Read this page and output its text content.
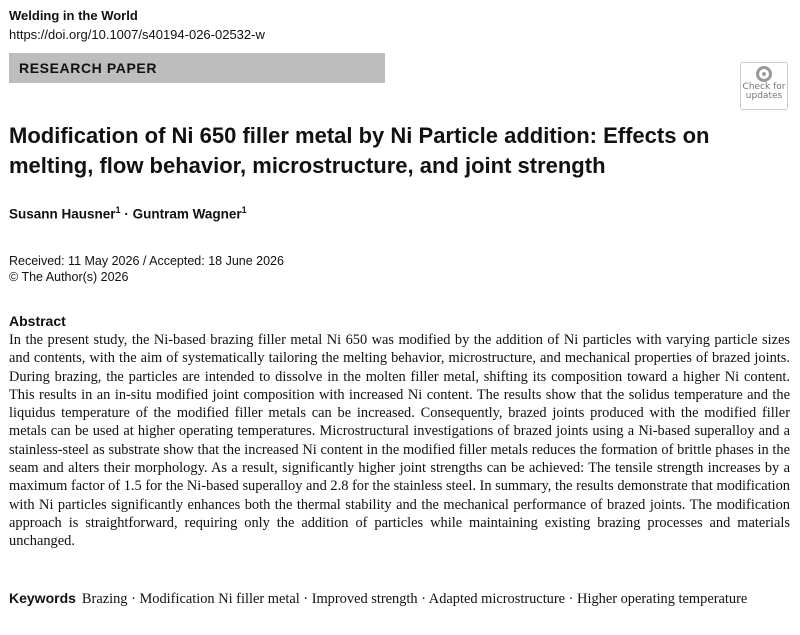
Welding in the World
https://doi.org/10.1007/s40194-026-02532-w
RESEARCH PAPER
Check for
updates
Modification of Ni 650 filler metal by Ni Particle addition: Effects on melting, flow behavior, microstructure, and joint strength
Susann Hausner$^1$ · Guntram Wagner$^1$
Received: 11 May 2026 / Accepted: 18 June 2026
© The Author(s) 2026
Abstract

In the present study, the Ni-based brazing filler metal Ni 650 was modified by the addition of Ni particles with varying particle sizes and contents, with the aim of systematically tailoring the melting behavior, microstructure, and mechanical properties of brazed joints. During brazing, the particles are intended to dissolve in the molten filler metal, shifting its composition toward a higher Ni content. This results in an in-situ modified joint composition with increased Ni content. The results show that the solidus temperature and the liquidus temperature of the modified filler metals can be increased. Consequently, brazed joints produced with the modified filler metals can be used at higher operating temperatures. Microstructural investigations of brazed joints using a Ni-based superalloy and a stainless-steel as substrate show that the increased Ni content in the modified filler metals reduces the formation of brittle phases in the seam and alters their morphology. As a result, significantly higher joint strengths can be achieved: The tensile strength increases by a maximum factor of 1.5 for the Ni-based superalloy and 2.8 for the stainless steel. In summary, the results demonstrate that modification with Ni particles significantly enhances both the thermal stability and the mechanical performance of brazed joints. The modification approach is straightforward, requiring only the addition of particles while maintaining existing brazing processes and materials unchanged.

Keywords Brazing · Modification Ni filler metal · Improved strength · Adapted microstructure · Higher operating temperature
